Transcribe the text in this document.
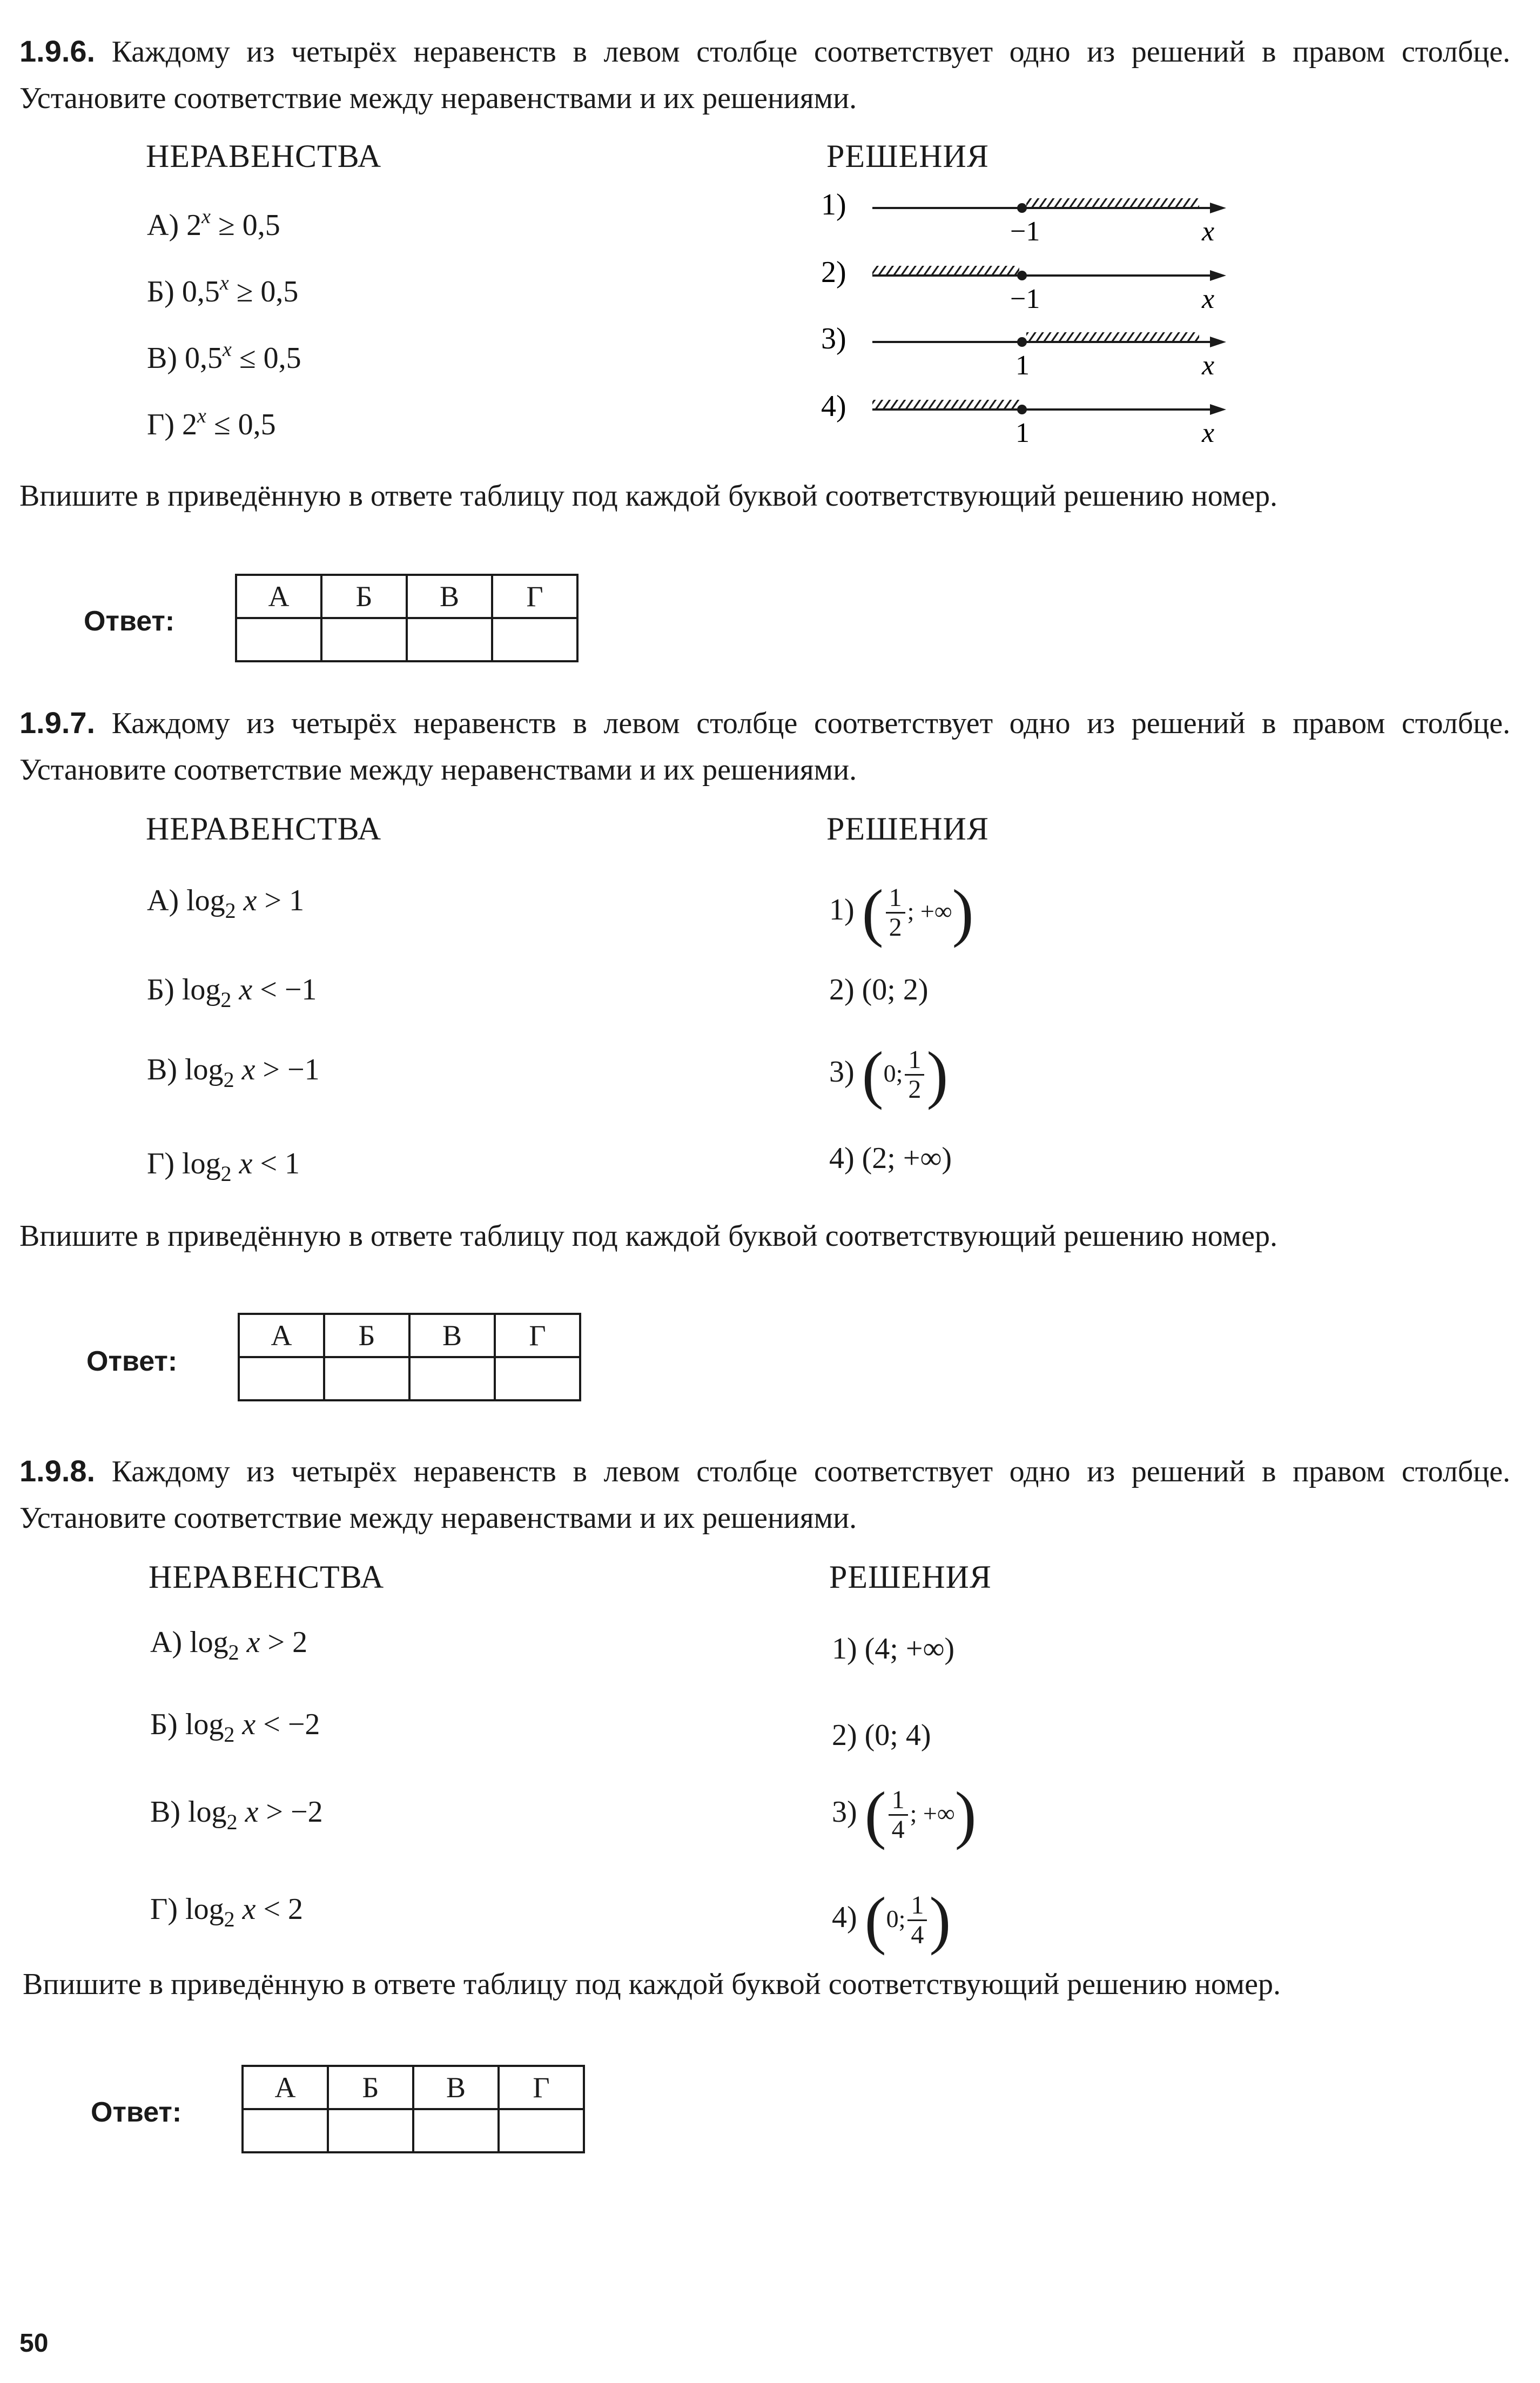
1.9.6. Каждому из четырёх неравенств в левом столбце соответствует одно из решений в правом столбце. Установите соответствие между неравенствами и их решениями.
НЕРАВЕНСТВА	РЕШЕНИЯ
А) $2^x \ge 0,5$
Б) $0,5^x \ge 0,5$
В) $0,5^x \le 0,5$
Г) $2^x \le 0,5$
1)
−1	x
2)
−1	x
3)
1	x
4)
1	x
Впишите в приведённую в ответе таблицу под каждой буквой соответствующий решению номер.
Ответ:
А	Б	В	Г

1.9.7. Каждому из четырёх неравенств в левом столбце соответствует одно из решений в правом столбце. Установите соответствие между неравенствами и их решениями.
НЕРАВЕНСТВА	РЕШЕНИЯ
А) $\log_2 x > 1$
Б) $\log_2 x < -1$
В) $\log_2 x > -1$
Г) $\log_2 x < 1$
1) ( $\frac{1}{2}$ ; +∞)
2) (0; 2)
3) (0; $\frac{1}{2}$ )
4) (2; +∞)
Впишите в приведённую в ответе таблицу под каждой буквой соответствующий решению номер.
Ответ:
А	Б	В	Г

1.9.8. Каждому из четырёх неравенств в левом столбце соответствует одно из решений в правом столбце. Установите соответствие между неравенствами и их решениями.
НЕРАВЕНСТВА	РЕШЕНИЯ
А) $\log_2 x > 2$
Б) $\log_2 x < -2$
В) $\log_2 x > -2$
Г) $\log_2 x < 2$
1) (4; +∞)
2) (0; 4)
3) ( $\frac{1}{4}$ ; +∞)
4) (0; $\frac{1}{4}$ )
Впишите в приведённую в ответе таблицу под каждой буквой соответствующий решению номер.
Ответ:
А	Б	В	Г

50
